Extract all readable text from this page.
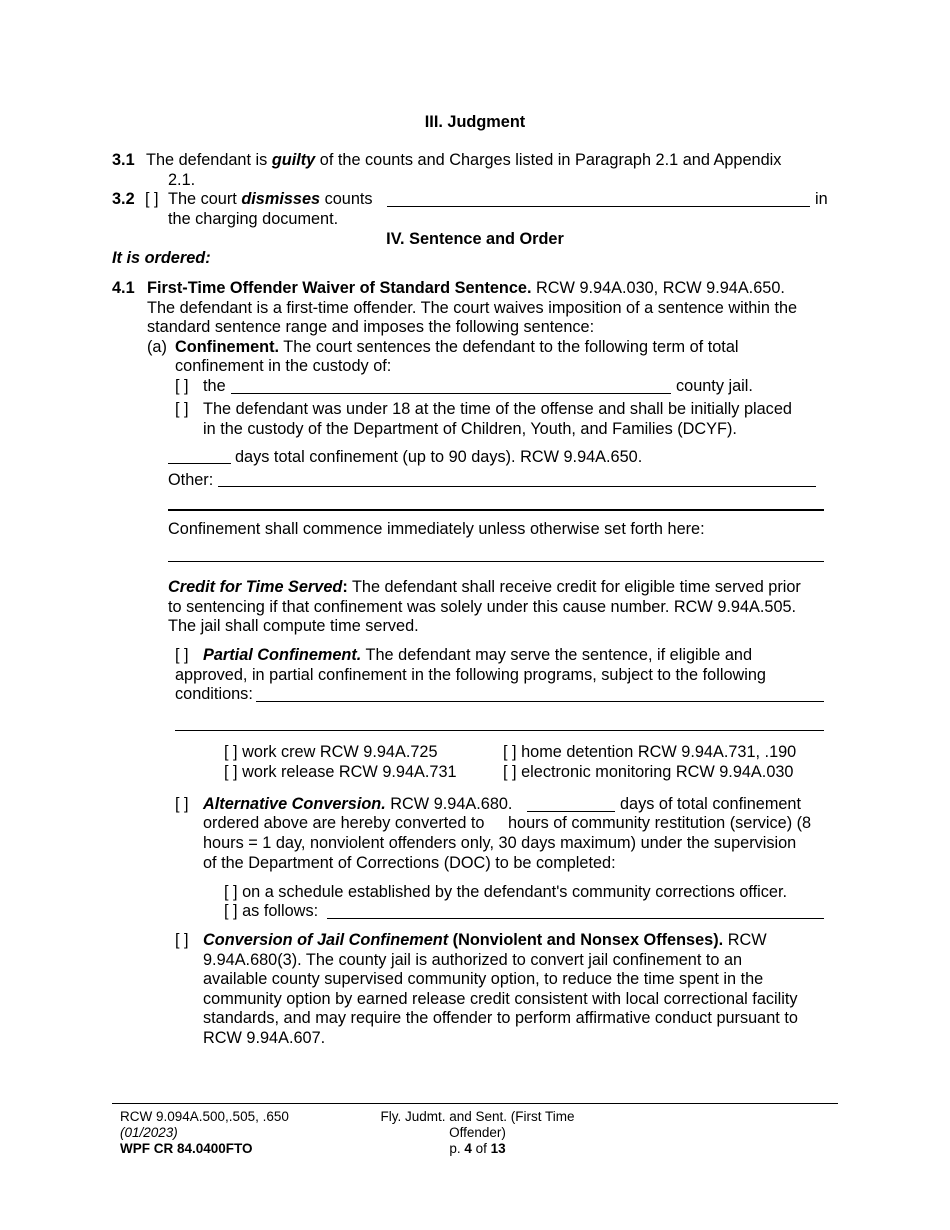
III. Judgment
3.1 The defendant is guilty of the counts and Charges listed in Paragraph 2.1 and Appendix
2.1.
3.2 [ ] The court dismisses counts	in
the charging document.
IV. Sentence and Order
It is ordered:
4.1 First-Time Offender Waiver of Standard Sentence. RCW 9.94A.030, RCW 9.94A.650.
The defendant is a first-time offender. The court waives imposition of a sentence within the
standard sentence range and imposes the following sentence:
(a) Confinement. The court sentences the defendant to the following term of total
confinement in the custody of:
[ ] the	county jail.
[ ] The defendant was under 18 at the time of the offense and shall be initially placed
in the custody of the Department of Children, Youth, and Families (DCYF).
days total confinement (up to 90 days). RCW 9.94A.650.
Other:
Confinement shall commence immediately unless otherwise set forth here:
Credit for Time Served: The defendant shall receive credit for eligible time served prior
to sentencing if that confinement was solely under this cause number. RCW 9.94A.505.
The jail shall compute time served.
[ ] Partial Confinement. The defendant may serve the sentence, if eligible and
approved, in partial confinement in the following programs, subject to the following
conditions:
[ ] work crew RCW 9.94A.725	[ ] home detention RCW 9.94A.731, .190
[ ] work release RCW 9.94A.731	[ ] electronic monitoring RCW 9.94A.030
[ ] Alternative Conversion. RCW 9.94A.680.	days of total confinement
ordered above are hereby converted to hours of community restitution (service) (8
hours = 1 day, nonviolent offenders only, 30 days maximum) under the supervision
of the Department of Corrections (DOC) to be completed:
[ ] on a schedule established by the defendant's community corrections officer.
[ ] as follows:
[ ] Conversion of Jail Confinement (Nonviolent and Nonsex Offenses). RCW
9.94A.680(3). The county jail is authorized to convert jail confinement to an
available county supervised community option, to reduce the time spent in the
community option by earned release credit consistent with local correctional facility
standards, and may require the offender to perform affirmative conduct pursuant to
RCW 9.94A.607.
RCW 9.094A.500,.505, .650
(01/2023)
WPF CR 84.0400FTO
Fly. Judmt. and Sent. (First Time
Offender)
p. 4 of 13
